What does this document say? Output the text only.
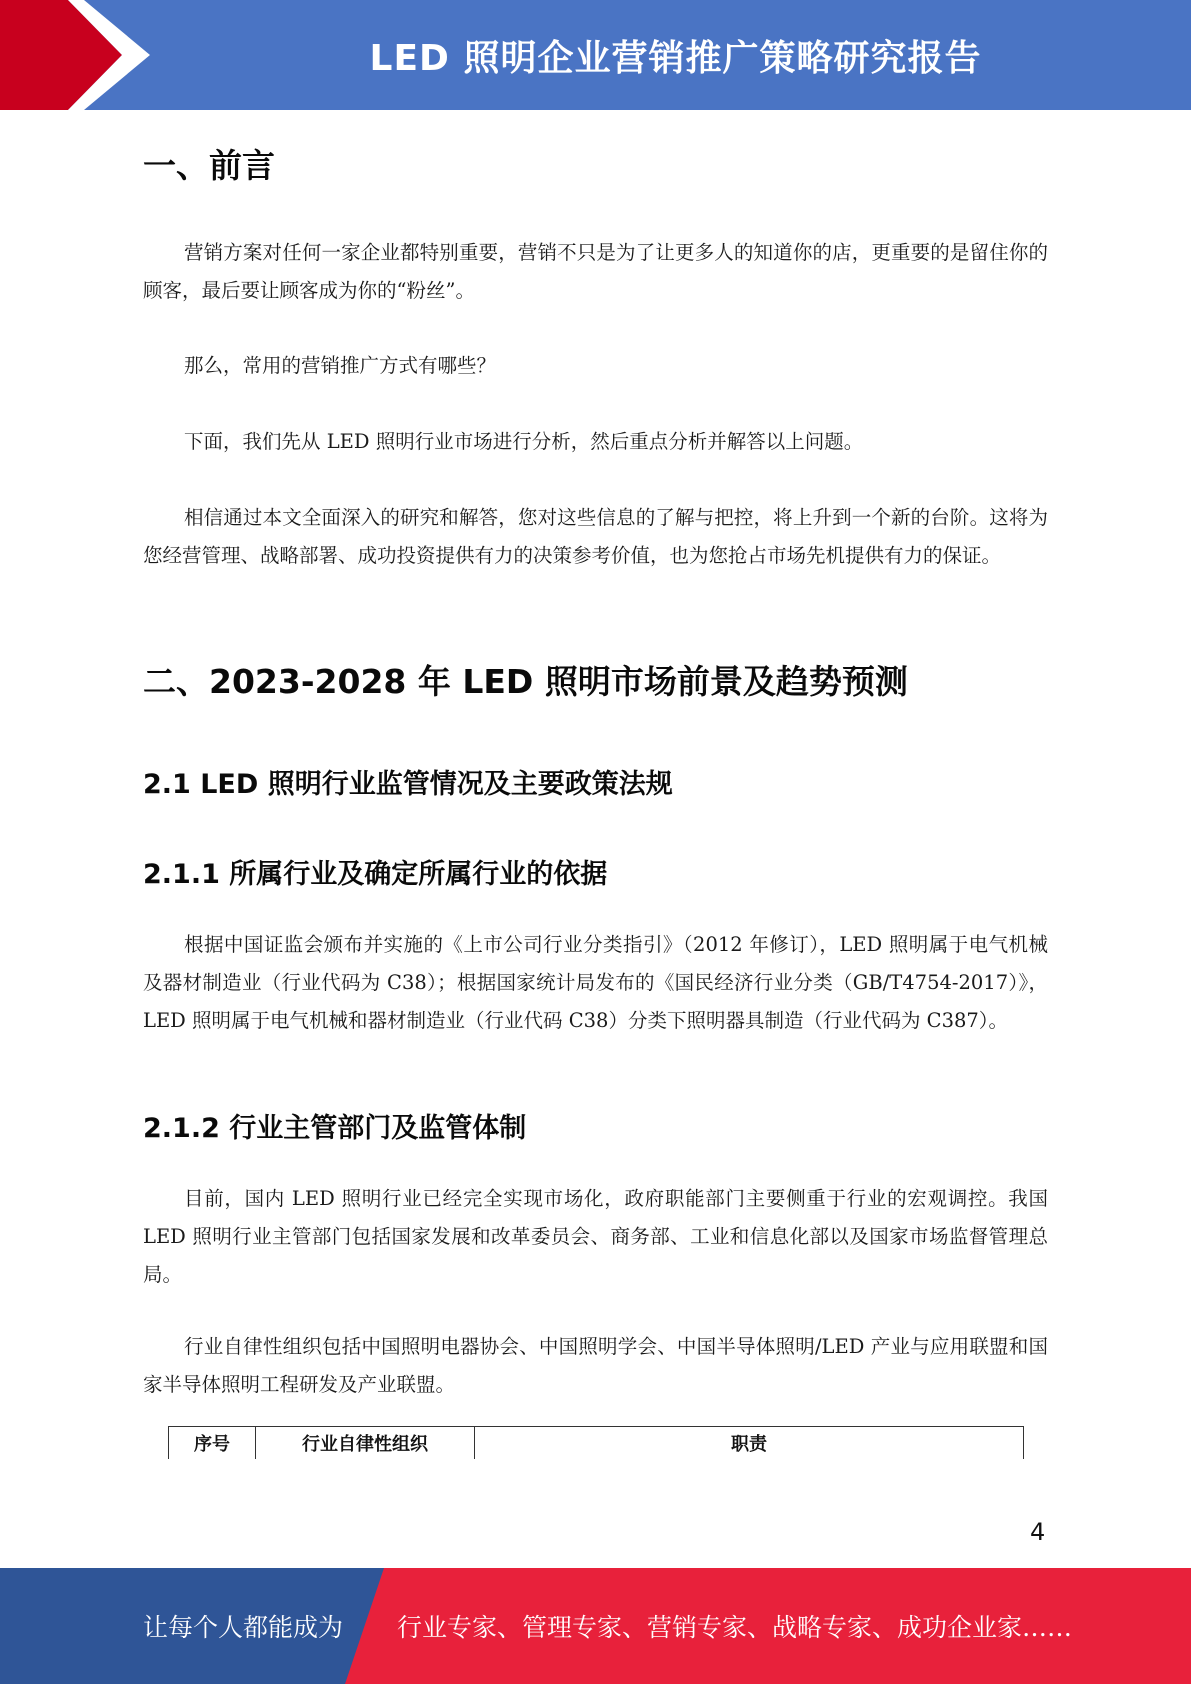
LED 照明企业营销推广策略研究报告
一、前言
营销方案对任何一家企业都特别重要，营销不只是为了让更多人的知道你的店，更重要的是留住你的顾客，最后要让顾客成为你的“粉丝”。
那么，常用的营销推广方式有哪些？
下面，我们先从 LED 照明行业市场进行分析，然后重点分析并解答以上问题。
相信通过本文全面深入的研究和解答，您对这些信息的了解与把控，将上升到一个新的台阶。这将为您经营管理、战略部署、成功投资提供有力的决策参考价值，也为您抢占市场先机提供有力的保证。
二、2023-2028 年 LED 照明市场前景及趋势预测
2.1 LED 照明行业监管情况及主要政策法规
2.1.1 所属行业及确定所属行业的依据
根据中国证监会颁布并实施的《上市公司行业分类指引》（2012 年修订），LED 照明属于电气机械及器材制造业（行业代码为 C38）；根据国家统计局发布的《国民经济行业分类（GB/T4754-2017）》，LED 照明属于电气机械和器材制造业（行业代码 C38）分类下照明器具制造（行业代码为 C387）。
2.1.2 行业主管部门及监管体制
目前，国内 LED 照明行业已经完全实现市场化，政府职能部门主要侧重于行业的宏观调控。我国 LED 照明行业主管部门包括国家发展和改革委员会、商务部、工业和信息化部以及国家市场监督管理总局。
行业自律性组织包括中国照明电器协会、中国照明学会、中国半导体照明/LED 产业与应用联盟和国家半导体照明工程研发及产业联盟。
序号	行业自律性组织	职责
4
让每个人都能成为 行业专家、管理专家、营销专家、战略专家、成功企业家……
